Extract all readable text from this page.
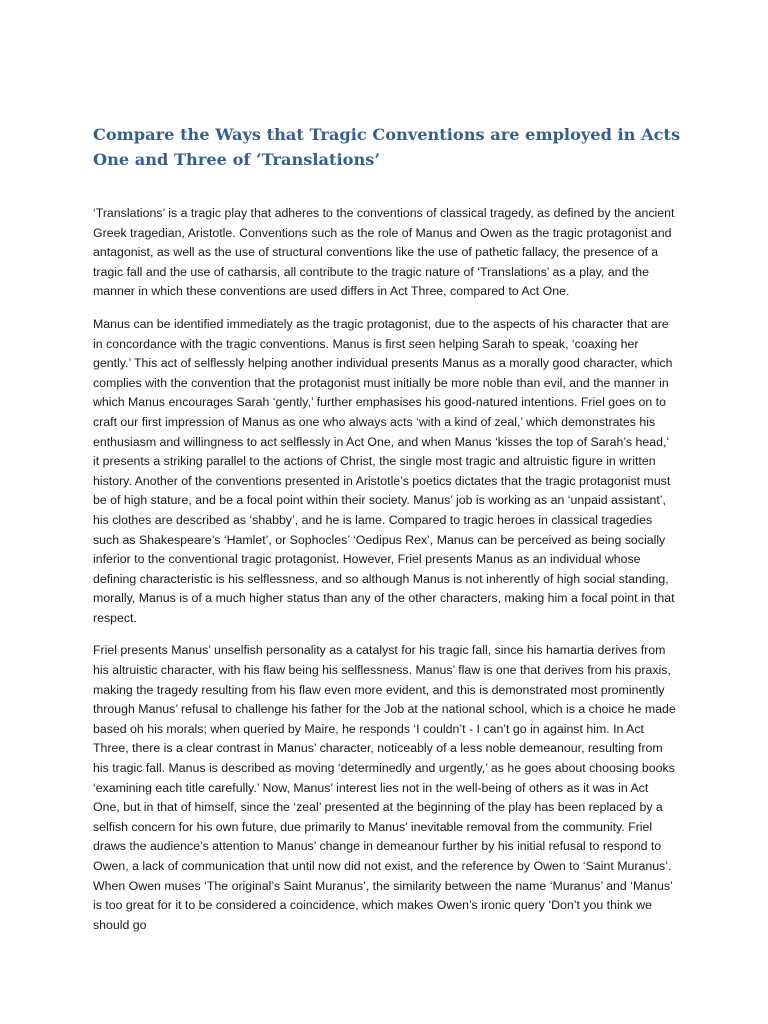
Compare the Ways that Tragic Conventions are employed in Acts One and Three of ‘Translations’

‘Translations’ is a tragic play that adheres to the conventions of classical tragedy, as defined by the ancient Greek tragedian, Aristotle. Conventions such as the role of Manus and Owen as the tragic protagonist and antagonist, as well as the use of structural conventions like the use of pathetic fallacy, the presence of a tragic fall and the use of catharsis, all contribute to the tragic nature of ‘Translations’ as a play, and the manner in which these conventions are used differs in Act Three, compared to Act One.

Manus can be identified immediately as the tragic protagonist, due to the aspects of his character that are in concordance with the tragic conventions. Manus is first seen helping Sarah to speak, ‘coaxing her gently.’ This act of selflessly helping another individual presents Manus as a morally good character, which complies with the convention that the protagonist must initially be more noble than evil, and the manner in which Manus encourages Sarah ‘gently,’ further emphasises his good-natured intentions. Friel goes on to craft our first impression of Manus as one who always acts ‘with a kind of zeal,’ which demonstrates his enthusiasm and willingness to act selflessly in Act One, and when Manus ‘kisses the top of Sarah’s head,’ it presents a striking parallel to the actions of Christ, the single most tragic and altruistic figure in written history. Another of the conventions presented in Aristotle’s poetics dictates that the tragic protagonist must be of high stature, and be a focal point within their society. Manus’ job is working as an ‘unpaid assistant’, his clothes are described as ‘shabby’, and he is lame. Compared to tragic heroes in classical tragedies such as Shakespeare’s ‘Hamlet’, or Sophocles’ ‘Oedipus Rex’, Manus can be perceived as being socially inferior to the conventional tragic protagonist. However, Friel presents Manus as an individual whose defining characteristic is his selflessness, and so although Manus is not inherently of high social standing, morally, Manus is of a much higher status than any of the other characters, making him a focal point in that respect.

Friel presents Manus’ unselfish personality as a catalyst for his tragic fall, since his hamartia derives from his altruistic character, with his flaw being his selflessness. Manus’ flaw is one that derives from his praxis, making the tragedy resulting from his flaw even more evident, and this is demonstrated most prominently through Manus’ refusal to challenge his father for the Job at the national school, which is a choice he made based oh his morals; when queried by Maire, he responds ‘I couldn’t - I can’t go in against him. In Act Three, there is a clear contrast in Manus’ character, noticeably of a less noble demeanour, resulting from his tragic fall. Manus is described as moving ‘determinedly and urgently,’ as he goes about choosing books ‘examining each title carefully.’ Now, Manus’ interest lies not in the well-being of others as it was in Act One, but in that of himself, since the ‘zeal’ presented at the beginning of the play has been replaced by a selfish concern for his own future, due primarily to Manus’ inevitable removal from the community. Friel draws the audience’s attention to Manus’ change in demeanour further by his initial refusal to respond to Owen, a lack of communication that until now did not exist, and the reference by Owen to ‘Saint Muranus’. When Owen muses ‘The original’s Saint Muranus’, the similarity between the name ‘Muranus’ and ‘Manus’ is too great for it to be considered a coincidence, which makes Owen’s ironic query ‘Don’t you think we should go
